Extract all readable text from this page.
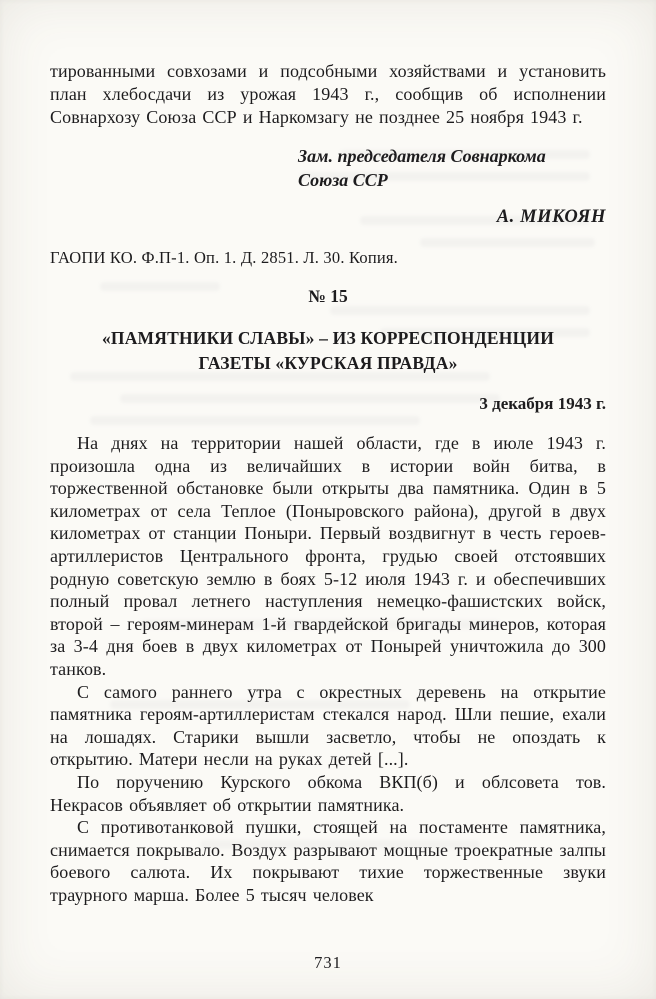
тированными совхозами и подсобными хозяйствами и установить план хлебосдачи из урожая 1943 г., сообщив об исполнении Совнархозу Союза ССР и Наркомзагу не позднее 25 ноября 1943 г.

Зам. председателя Совнаркома
Союза ССР
А. МИКОЯН
ГАОПИ КО. Ф.П-1. Оп. 1. Д. 2851. Л. 30. Копия.
№ 15
«ПАМЯТНИКИ СЛАВЫ» – ИЗ КОРРЕСПОНДЕНЦИИ
ГАЗЕТЫ «КУРСКАЯ ПРАВДА»
3 декабря 1943 г.

На днях на территории нашей области, где в июле 1943 г. произошла одна из величайших в истории войн битва, в торжественной обстановке были открыты два памятника. Один в 5 километрах от села Теплое (Поныровского района), другой в двух километрах от станции Поныри. Первый воздвигнут в честь героев-артиллеристов Центрального фронта, грудью своей отстоявших родную советскую землю в боях 5-12 июля 1943 г. и обеспечивших полный провал летнего наступления немецко-фашистских войск, второй – героям-минерам 1-й гвардейской бригады минеров, которая за 3-4 дня боев в двух километрах от Понырей уничтожила до 300 танков.

С самого раннего утра с окрестных деревень на открытие памятника героям-артиллеристам стекался народ. Шли пешие, ехали на лошадях. Старики вышли засветло, чтобы не опоздать к открытию. Матери несли на руках детей [...].

По поручению Курского обкома ВКП(б) и облсовета тов. Некрасов объявляет об открытии памятника.

С противотанковой пушки, стоящей на постаменте памятника, снимается покрывало. Воздух разрывают мощные троекратные залпы боевого салюта. Их покрывают тихие торжественные звуки траурного марша. Более 5 тысяч человек

731
